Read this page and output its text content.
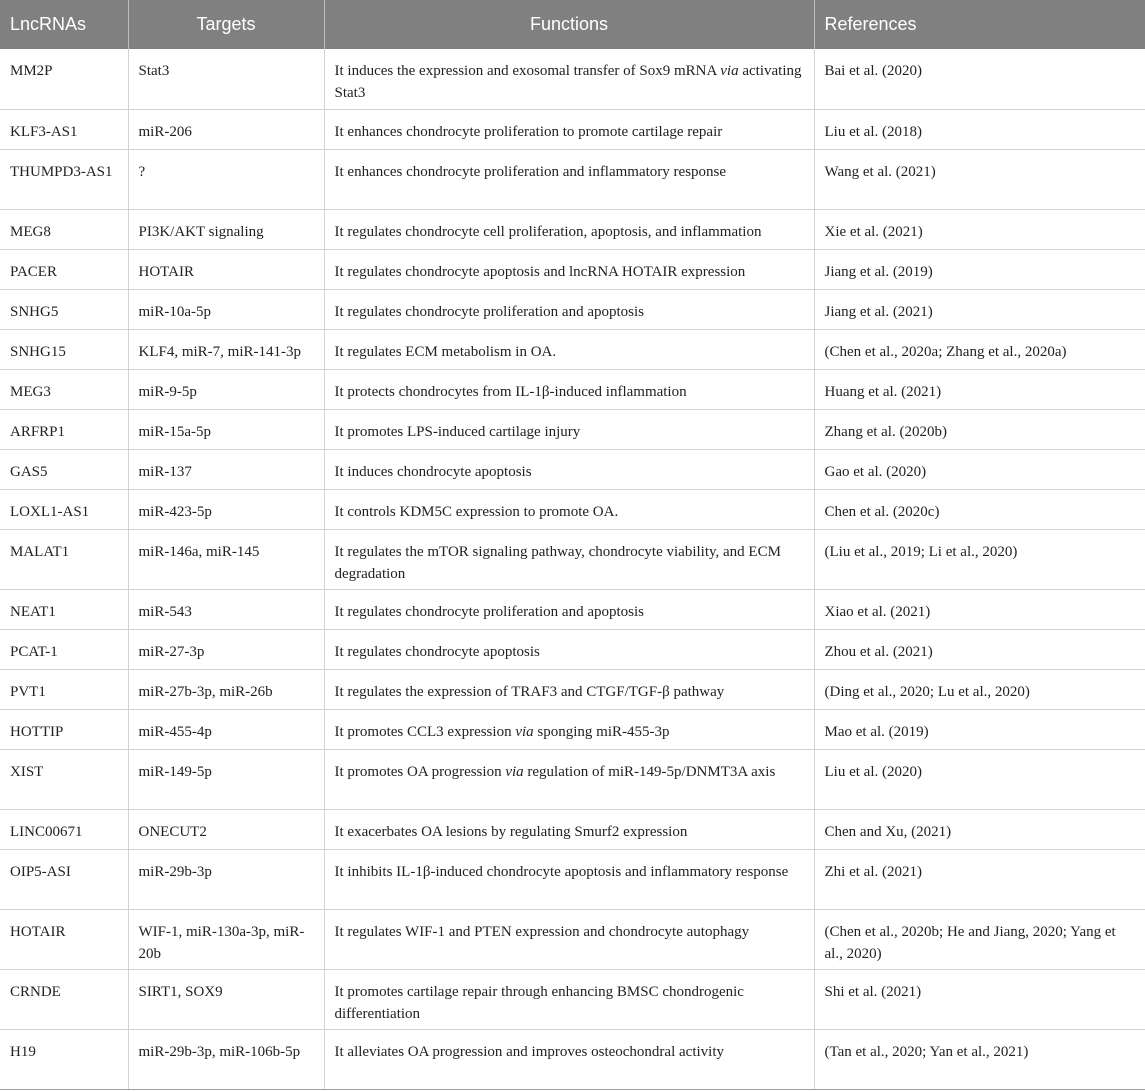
LncRNAs	Targets	Functions	References
MM2P	Stat3	It induces the expression and exosomal transfer of Sox9 mRNA via activating Stat3	Bai et al. (2020)
KLF3-AS1	miR-206	It enhances chondrocyte proliferation to promote cartilage repair	Liu et al. (2018)
THUMPD3-AS1	?	It enhances chondrocyte proliferation and inflammatory response	Wang et al. (2021)
MEG8	PI3K/AKT signaling	It regulates chondrocyte cell proliferation, apoptosis, and inflammation	Xie et al. (2021)
PACER	HOTAIR	It regulates chondrocyte apoptosis and lncRNA HOTAIR expression	Jiang et al. (2019)
SNHG5	miR-10a-5p	It regulates chondrocyte proliferation and apoptosis	Jiang et al. (2021)
SNHG15	KLF4, miR-7, miR-141-3p	It regulates ECM metabolism in OA.	(Chen et al., 2020a; Zhang et al., 2020a)
MEG3	miR-9-5p	It protects chondrocytes from IL-1β-induced inflammation	Huang et al. (2021)
ARFRP1	miR-15a-5p	It promotes LPS-induced cartilage injury	Zhang et al. (2020b)
GAS5	miR-137	It induces chondrocyte apoptosis	Gao et al. (2020)
LOXL1-AS1	miR-423-5p	It controls KDM5C expression to promote OA.	Chen et al. (2020c)
MALAT1	miR-146a, miR-145	It regulates the mTOR signaling pathway, chondrocyte viability, and ECM degradation	(Liu et al., 2019; Li et al., 2020)
NEAT1	miR-543	It regulates chondrocyte proliferation and apoptosis	Xiao et al. (2021)
PCAT-1	miR-27-3p	It regulates chondrocyte apoptosis	Zhou et al. (2021)
PVT1	miR-27b-3p, miR-26b	It regulates the expression of TRAF3 and CTGF/TGF-β pathway	(Ding et al., 2020; Lu et al., 2020)
HOTTIP	miR-455-4p	It promotes CCL3 expression via sponging miR-455-3p	Mao et al. (2019)
XIST	miR-149-5p	It promotes OA progression via regulation of miR-149-5p/DNMT3A axis	Liu et al. (2020)
LINC00671	ONECUT2	It exacerbates OA lesions by regulating Smurf2 expression	Chen and Xu, (2021)
OIP5-ASI	miR-29b-3p	It inhibits IL-1β-induced chondrocyte apoptosis and inflammatory response	Zhi et al. (2021)
HOTAIR	WIF-1, miR-130a-3p, miR-20b	It regulates WIF-1 and PTEN expression and chondrocyte autophagy	(Chen et al., 2020b; He and Jiang, 2020; Yang et al., 2020)
CRNDE	SIRT1, SOX9	It promotes cartilage repair through enhancing BMSC chondrogenic differentiation	Shi et al. (2021)
H19	miR-29b-3p, miR-106b-5p	It alleviates OA progression and improves osteochondral activity	(Tan et al., 2020; Yan et al., 2021)
